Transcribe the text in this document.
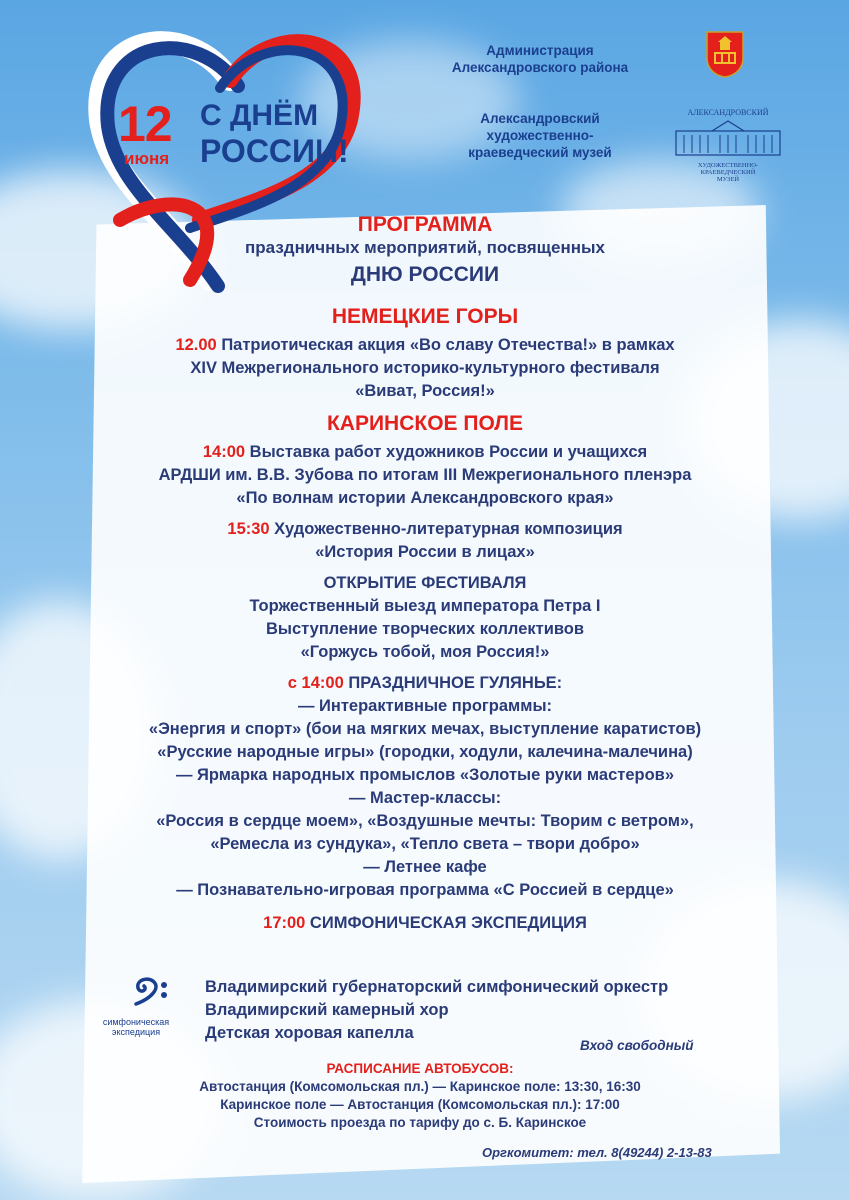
12
июня
С ДНЁМ
РОССИИ!
Администрация
Александровского района
Александровский
художественно-
краеведческий музей
АЛЕКСАНДРОВСКИЙ
ХУДОЖЕСТВЕННО-КРАЕВЕДЧЕСКИЙ
МУЗЕЙ
ПРОГРАММА
праздничных мероприятий, посвященных
ДНЮ РОССИИ
НЕМЕЦКИЕ ГОРЫ
12.00 Патриотическая акция «Во славу Отечества!» в рамках
XIV Межрегионального историко-культурного фестиваля
«Виват, Россия!»
КАРИНСКОЕ ПОЛЕ
14:00 Выставка работ художников России и учащихся
АРДШИ им. В.В. Зубова по итогам III Межрегионального пленэра
«По волнам истории Александровского края»
15:30 Художественно-литературная композиция
«История России в лицах»
ОТКРЫТИЕ ФЕСТИВАЛЯ
Торжественный выезд императора Петра I
Выступление творческих коллективов
«Горжусь тобой, моя Россия!»
с 14:00 ПРАЗДНИЧНОЕ ГУЛЯНЬЕ:
— Интерактивные программы:
«Энергия и спорт» (бои на мягких мечах, выступление каратистов)
«Русские народные игры» (городки, ходули, калечина-малечина)
— Ярмарка народных промыслов «Золотые руки мастеров»
— Мастер-классы:
«Россия в сердце моем», «Воздушные мечты: Творим с ветром»,
«Ремесла из сундука», «Тепло света – твори добро»
— Летнее кафе
— Познавательно-игровая программа «С Россией в сердце»
17:00 СИМФОНИЧЕСКАЯ ЭКСПЕДИЦИЯ
симфоническая
экспедиция
Владимирский губернаторский симфонический оркестр
Владимирский камерный хор
Детская хоровая капелла
Вход свободный
РАСПИСАНИЕ АВТОБУСОВ:
Автостанция (Комсомольская пл.) — Каринское поле: 13:30, 16:30
Каринское поле — Автостанция (Комсомольская пл.): 17:00
Стоимость проезда по тарифу до с. Б. Каринское
Оргкомитет: тел. 8(49244) 2-13-83
